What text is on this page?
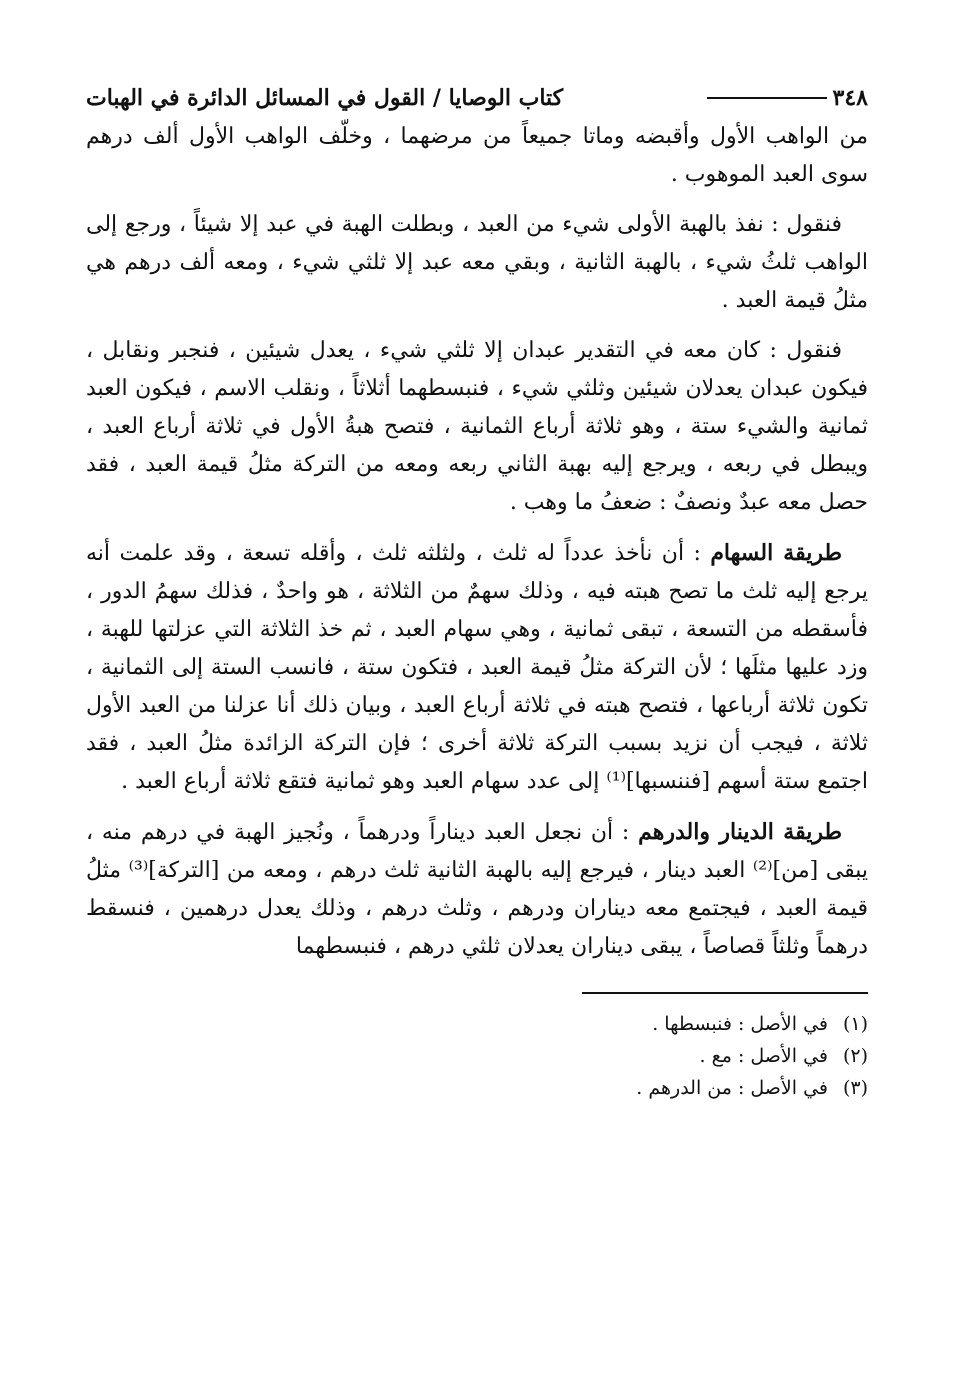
٣٤٨
كتاب الوصايا / القول في المسائل الدائرة في الهبات

من الواهب الأول وأقبضه وماتا جميعاً من مرضهما ، وخلّف الواهب الأول ألف درهم سوى العبد الموهوب .

فنقول : نفذ بالهبة الأولى شيء من العبد ، وبطلت الهبة في عبد إلا شيئاً ، ورجع إلى الواهب ثلثُ شيء ، بالهبة الثانية ، وبقي معه عبد إلا ثلثي شيء ، ومعه ألف درهم هي مثلُ قيمة العبد .

فنقول : كان معه في التقدير عبدان إلا ثلثي شيء ، يعدل شيئين ، فنجبر ونقابل ، فيكون عبدان يعدلان شيئين وثلثي شيء ، فنبسطهما أثلاثاً ، ونقلب الاسم ، فيكون العبد ثمانية والشيء ستة ، وهو ثلاثة أرباع الثمانية ، فتصح هبةُ الأول في ثلاثة أرباع العبد ، ويبطل في ربعه ، ويرجع إليه بهبة الثاني ربعه ومعه من التركة مثلُ قيمة العبد ، فقد حصل معه عبدٌ ونصفٌ : ضعفُ ما وهب .

طريقة السهام : أن نأخذ عدداً له ثلث ، ولثلثه ثلث ، وأقله تسعة ، وقد علمت أنه يرجع إليه ثلث ما تصح هبته فيه ، وذلك سهمٌ من الثلاثة ، هو واحدٌ ، فذلك سهمُ الدور ، فأسقطه من التسعة ، تبقى ثمانية ، وهي سهام العبد ، ثم خذ الثلاثة التي عزلتها للهبة ، وزد عليها مثلَها ؛ لأن التركة مثلُ قيمة العبد ، فتكون ستة ، فانسب الستة إلى الثمانية ، تكون ثلاثة أرباعها ، فتصح هبته في ثلاثة أرباع العبد ، وبيان ذلك أنا عزلنا من العبد الأول ثلاثة ، فيجب أن نزيد بسبب التركة ثلاثة أخرى ؛ فإن التركة الزائدة مثلُ العبد ، فقد اجتمع ستة أسهم [فننسبها]⁽¹⁾ إلى عدد سهام العبد وهو ثمانية فتقع ثلاثة أرباع العبد .

طريقة الدينار والدرهم : أن نجعل العبد ديناراً ودرهماً ، ونُجيز الهبة في درهم منه ، يبقى [من]⁽²⁾ العبد دينار ، فيرجع إليه بالهبة الثانية ثلث درهم ، ومعه من [التركة]⁽³⁾ مثلُ قيمة العبد ، فيجتمع معه ديناران ودرهم ، وثلث درهم ، وذلك يعدل درهمين ، فنسقط درهماً وثلثاً قصاصاً ، يبقى ديناران يعدلان ثلثي درهم ، فنبسطهما

(١)
في الأصل : فنبسطها .
(٢)
في الأصل : مع .
(٣)
في الأصل : من الدرهم .
